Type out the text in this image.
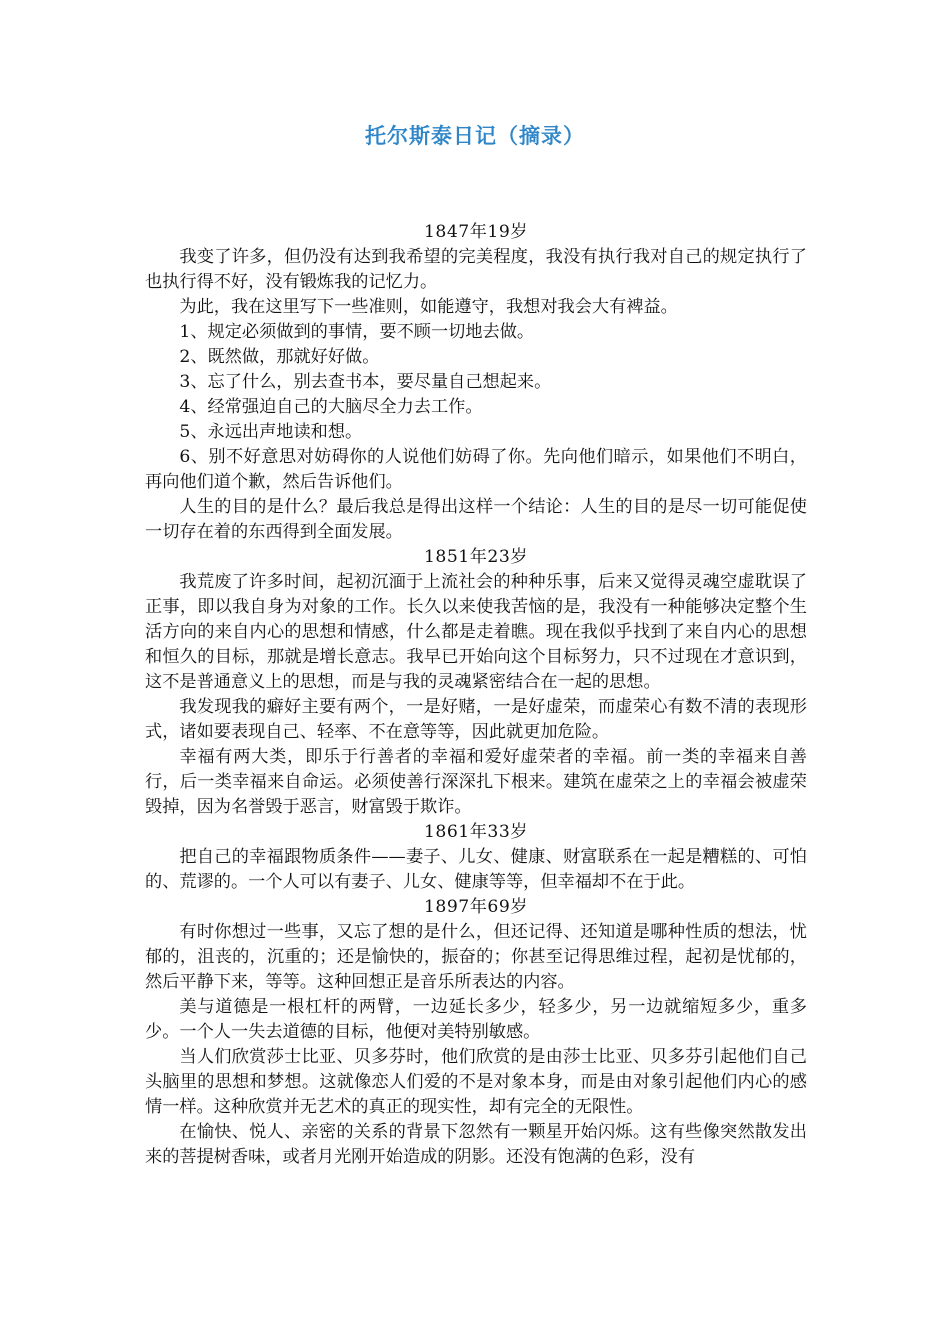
托尔斯泰日记（摘录）

1847年19岁

我变了许多，但仍没有达到我希望的完美程度，我没有执行我对自己的规定执行了也执行得不好，没有锻炼我的记忆力。

为此，我在这里写下一些准则，如能遵守，我想对我会大有裨益。

1、规定必须做到的事情，要不顾一切地去做。

2、既然做，那就好好做。

3、忘了什么，别去查书本，要尽量自己想起来。

4、经常强迫自己的大脑尽全力去工作。

5、永远出声地读和想。

6、别不好意思对妨碍你的人说他们妨碍了你。先向他们暗示，如果他们不明白，再向他们道个歉，然后告诉他们。

人生的目的是什么？最后我总是得出这样一个结论：人生的目的是尽一切可能促使一切存在着的东西得到全面发展。

1851年23岁

我荒废了许多时间，起初沉湎于上流社会的种种乐事，后来又觉得灵魂空虚耽误了正事，即以我自身为对象的工作。长久以来使我苦恼的是，我没有一种能够决定整个生活方向的来自内心的思想和情感，什么都是走着瞧。现在我似乎找到了来自内心的思想和恒久的目标，那就是增长意志。我早已开始向这个目标努力，只不过现在才意识到，这不是普通意义上的思想，而是与我的灵魂紧密结合在一起的思想。

我发现我的癖好主要有两个，一是好赌，一是好虚荣，而虚荣心有数不清的表现形式，诸如要表现自己、轻率、不在意等等，因此就更加危险。

幸福有两大类，即乐于行善者的幸福和爱好虚荣者的幸福。前一类的幸福来自善行，后一类幸福来自命运。必须使善行深深扎下根来。建筑在虚荣之上的幸福会被虚荣毁掉，因为名誉毁于恶言，财富毁于欺诈。

1861年33岁

把自己的幸福跟物质条件——妻子、儿女、健康、财富联系在一起是糟糕的、可怕的、荒谬的。一个人可以有妻子、儿女、健康等等，但幸福却不在于此。

1897年69岁

有时你想过一些事，又忘了想的是什么，但还记得、还知道是哪种性质的想法，忧郁的，沮丧的，沉重的；还是愉快的，振奋的；你甚至记得思维过程，起初是忧郁的，然后平静下来，等等。这种回想正是音乐所表达的内容。

美与道德是一根杠杆的两臂，一边延长多少，轻多少，另一边就缩短多少，重多少。一个人一失去道德的目标，他便对美特别敏感。

当人们欣赏莎士比亚、贝多芬时，他们欣赏的是由莎士比亚、贝多芬引起他们自己头脑里的思想和梦想。这就像恋人们爱的不是对象本身，而是由对象引起他们内心的感情一样。这种欣赏并无艺术的真正的现实性，却有完全的无限性。

在愉快、悦人、亲密的关系的背景下忽然有一颗星开始闪烁。这有些像突然散发出来的菩提树香味，或者月光刚开始造成的阴影。还没有饱满的色彩，没有
